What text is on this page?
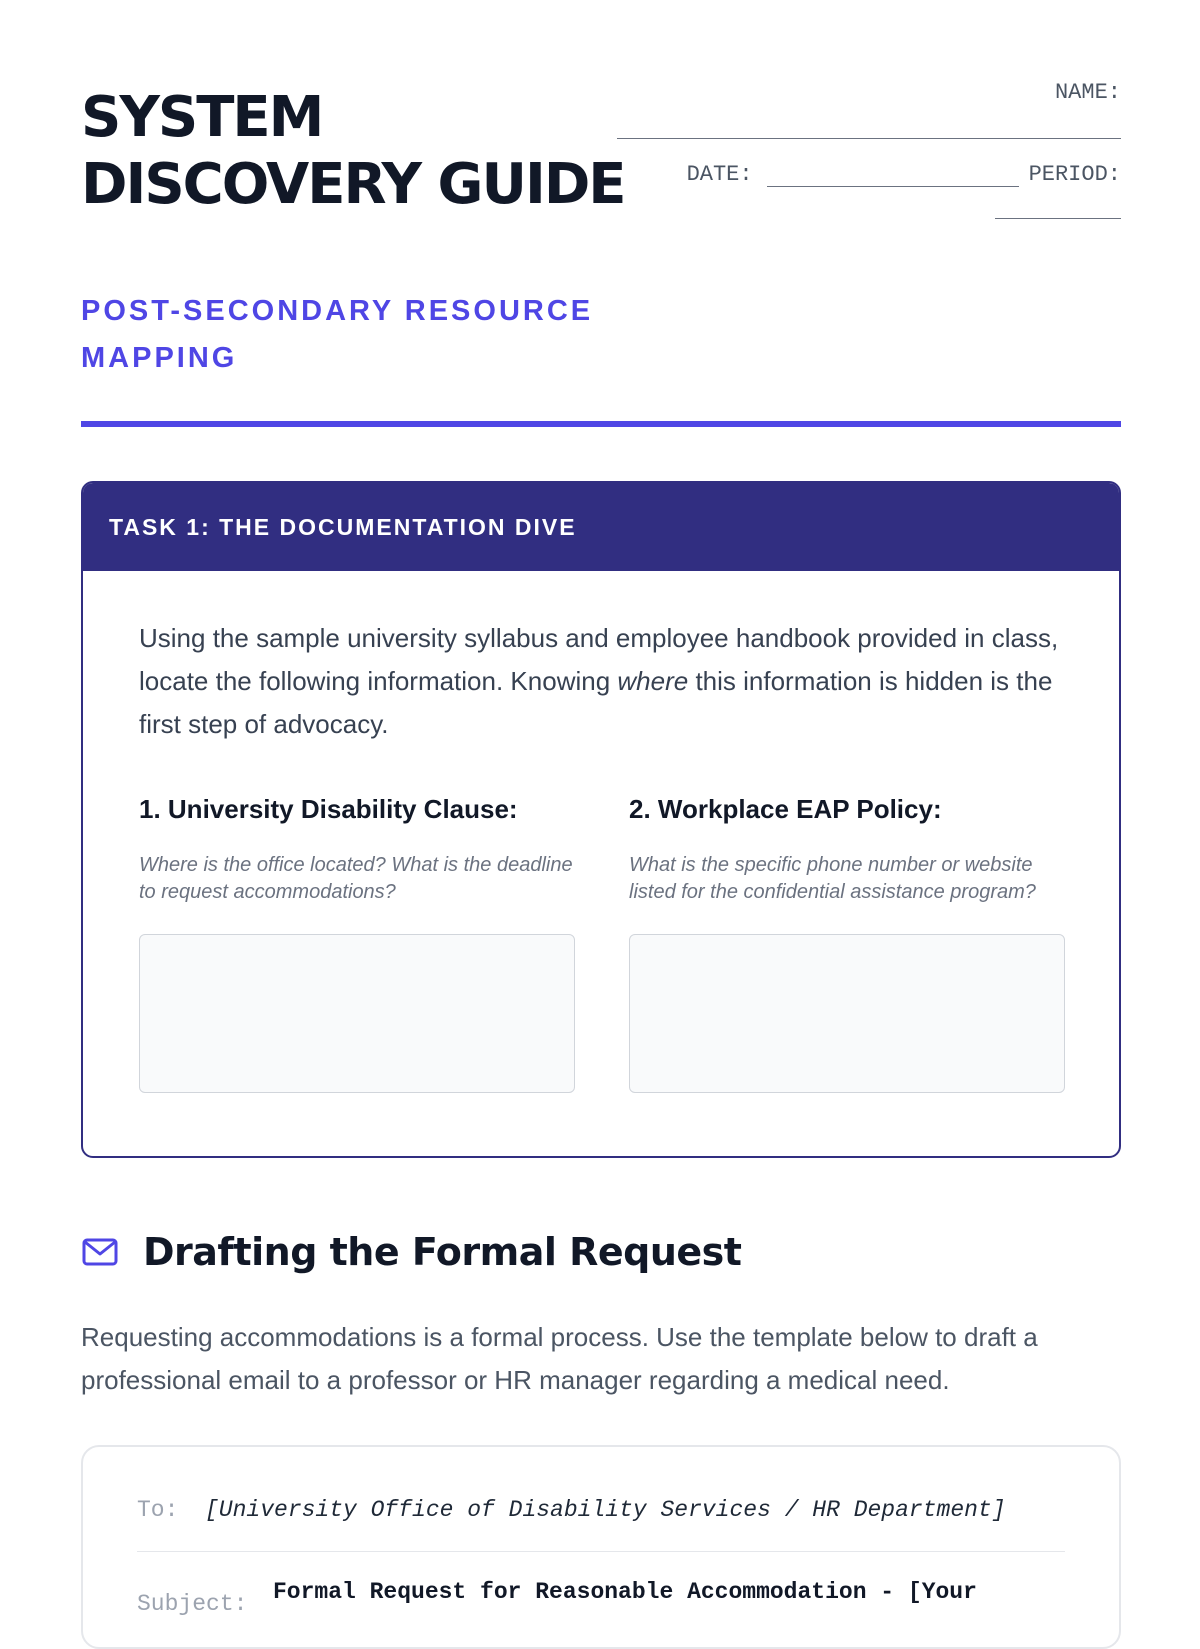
SYSTEM DISCOVERY GUIDE

POST-SECONDARY RESOURCE MAPPING

NAME:
DATE:	PERIOD:
TASK 1: THE DOCUMENTATION DIVE

Using the sample university syllabus and employee handbook provided in class, locate the following information. Knowing where this information is hidden is the first step of advocacy.

1. University Disability Clause:

Where is the office located? What is the deadline to request accommodations?

2. Workplace EAP Policy:

What is the specific phone number or website listed for the confidential assistance program?

Drafting the Formal Request

Requesting accommodations is a formal process. Use the template below to draft a professional email to a professor or HR manager regarding a medical need.

To: [University Office of Disability Services / HR Department]
Subject: Formal Request for Reasonable Accommodation - [Your
